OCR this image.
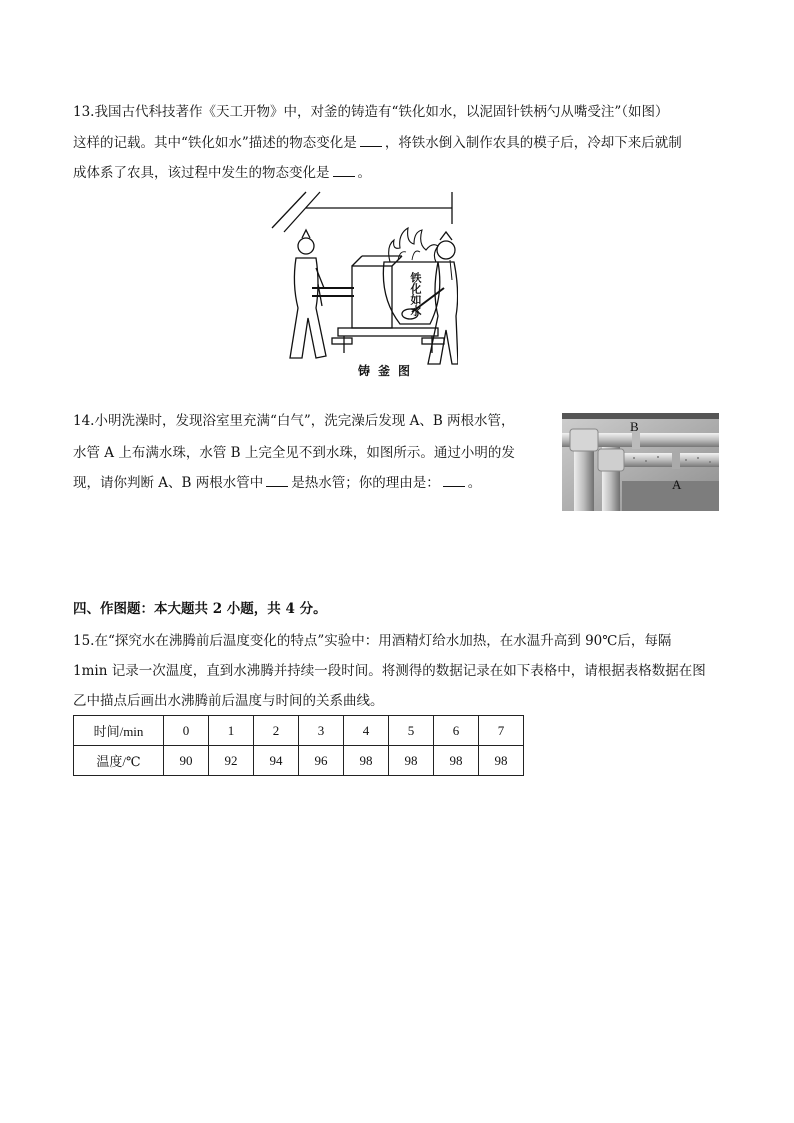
13.我国古代科技著作《天工开物》中，对釜的铸造有“铁化如水，以泥固针铁柄勺从嘴受注”（如图）
这样的记载。其中“铁化如水”描述的物态变化是 ，将铁水倒入制作农具的模子后，冷却下来后就制
成体系了农具，该过程中发生的物态变化是 。
铁化如水
铸釜图
14.小明洗澡时，发现浴室里充满“白气”，洗完澡后发现 A、B 两根水管，
水管 A 上布满水珠，水管 B 上完全见不到水珠，如图所示。通过小明的发
现，请你判断 A、B 两根水管中 是热水管；你的理由是： 。
B
A
四、作图题：本大题共 2 小题，共 4 分。
15.在“探究水在沸腾前后温度变化的特点”实验中：用酒精灯给水加热，在水温升高到 90℃后，每隔
1min 记录一次温度，直到水沸腾并持续一段时间。将测得的数据记录在如下表格中，请根据表格数据在图
乙中描点后画出水沸腾前后温度与时间的关系曲线。
时间/min	0	1	2	3	4	5	6	7
温度/℃	90	92	94	96	98	98	98	98
